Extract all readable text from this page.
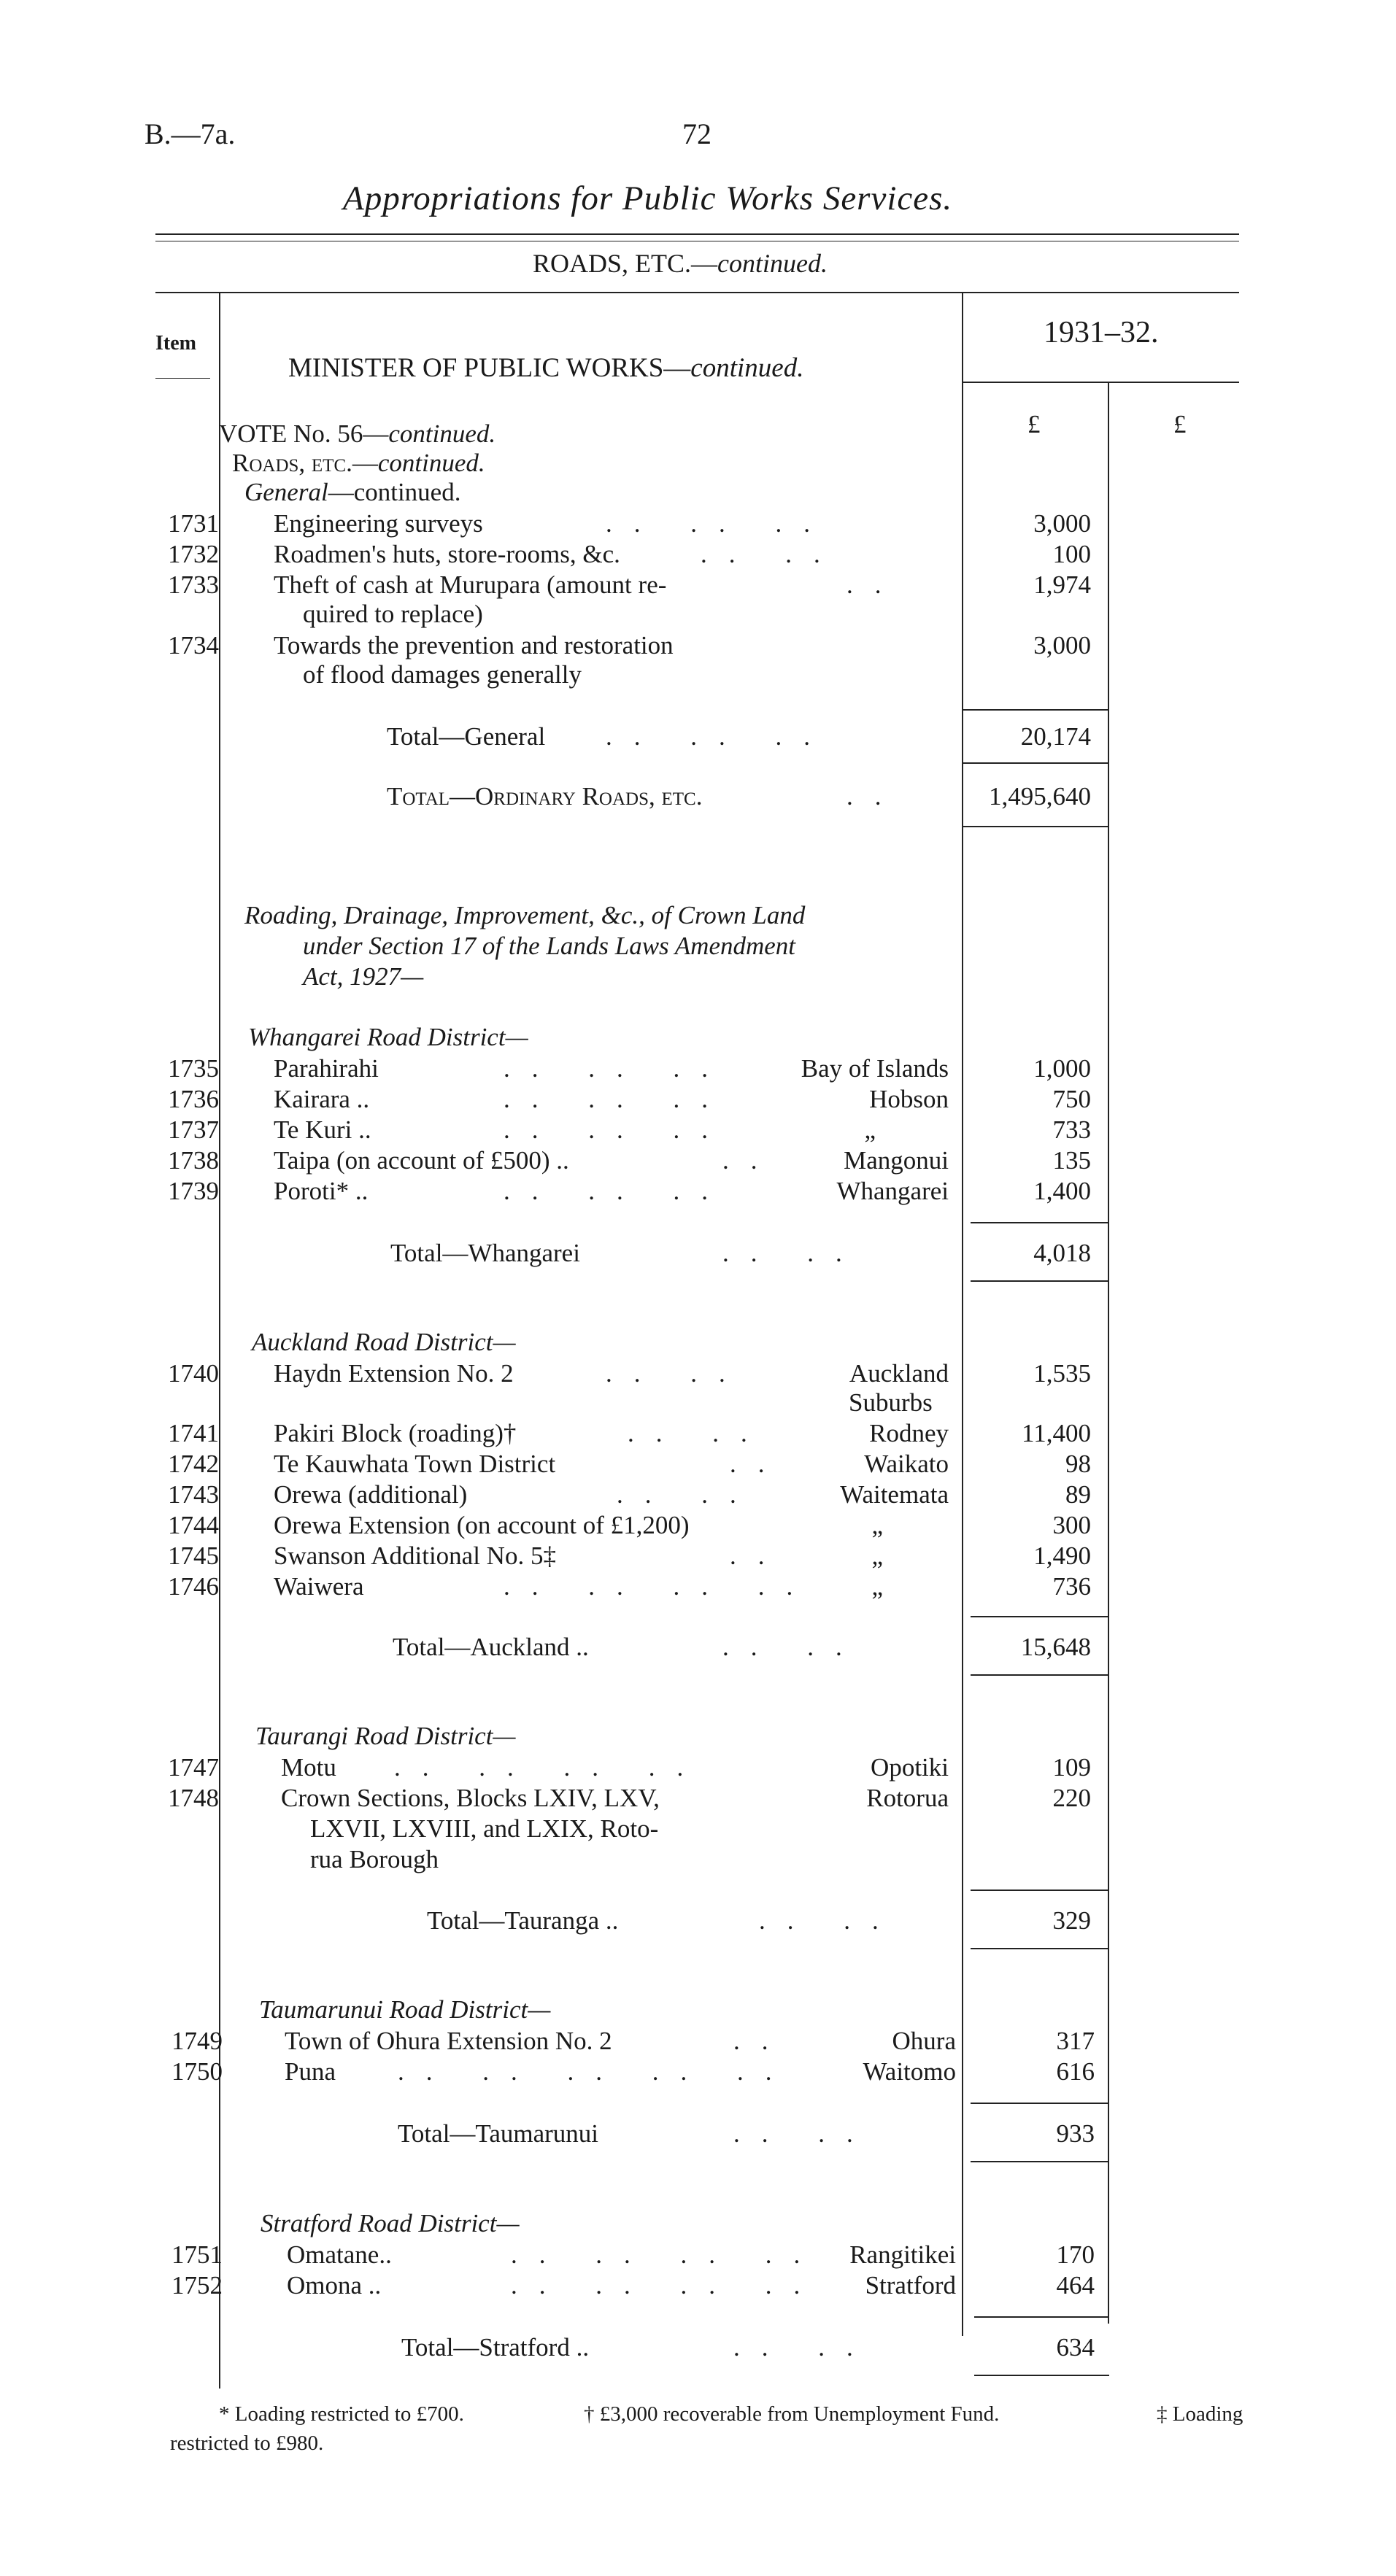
B.—7a.	72
Appropriations for Public Works Services.
ROADS, ETC.—continued.
Item
MINISTER OF PUBLIC WORKS—continued.
1931–32.
£	£
VOTE No. 56—continued.
Roads, etc.—continued.
General—continued.
1731 Engineering surveys	.. .. ..	3,000
1732 Roadmen's huts, store-rooms, &c.	.. ..	100
1733 Theft of cash at Murupara (amount re-
quired to replace)
..	1,974
1734 Towards the prevention and restoration
of flood damages generally
3,000
Total—General .. .. ..	20,174
Total—Ordinary Roads, etc.	..	1,495,640
Roading, Drainage, Improvement, &c., of Crown Land
under Section 17 of the Lands Laws Amendment
Act, 1927—
Whangarei Road District—
1735 Parahirahi	.. .. ..	Bay of Islands	1,000
1736 Kairara ..	.. .. ..	Hobson	750
1737 Te Kuri ..	.. .. ..	„	733
1738 Taipa (on account of £500) ..	..	Mangonui	135
1739 Poroti* ..	.. .. ..	Whangarei	1,400
Total—Whangarei	.. ..	4,018
Auckland Road District—
1740 Haydn Extension No. 2	.. ..	Auckland
Suburbs
1,535
1741 Pakiri Block (roading)†	.. ..	Rodney	11,400
1742 Te Kauwhata Town District	..	Waikato	98
1743 Orewa (additional)	.. ..	Waitemata	89
1744 Orewa Extension (on account of £1,200)	„	300
1745 Swanson Additional No. 5‡	..	„	1,490
1746 Waiwera	.. .. .. ..	„	736
Total—Auckland ..	.. ..	15,648
Taurangi Road District—
1747 Motu .. .. .. ..	Opotiki	109
1748 Crown Sections, Blocks LXIV, LXV,
LXVII, LXVIII, and LXIX, Roto-
rua Borough
Rotorua	220
Total—Tauranga ..	.. ..	329
Taumarunui Road District—
1749 Town of Ohura Extension No. 2	..	Ohura	317
1750 Puna .. .. .. .. ..	Waitomo	616
Total—Taumarunui	.. ..	933
Stratford Road District—
1751	Omatane..	.. .. .. ..	Rangitikei	170
1752	Omona ..	.. .. .. ..	Stratford	464
Total—Stratford ..	.. ..	634
* Loading restricted to £700.	† £3,000 recoverable from Unemployment Fund.	‡ Loading
restricted to £980.
